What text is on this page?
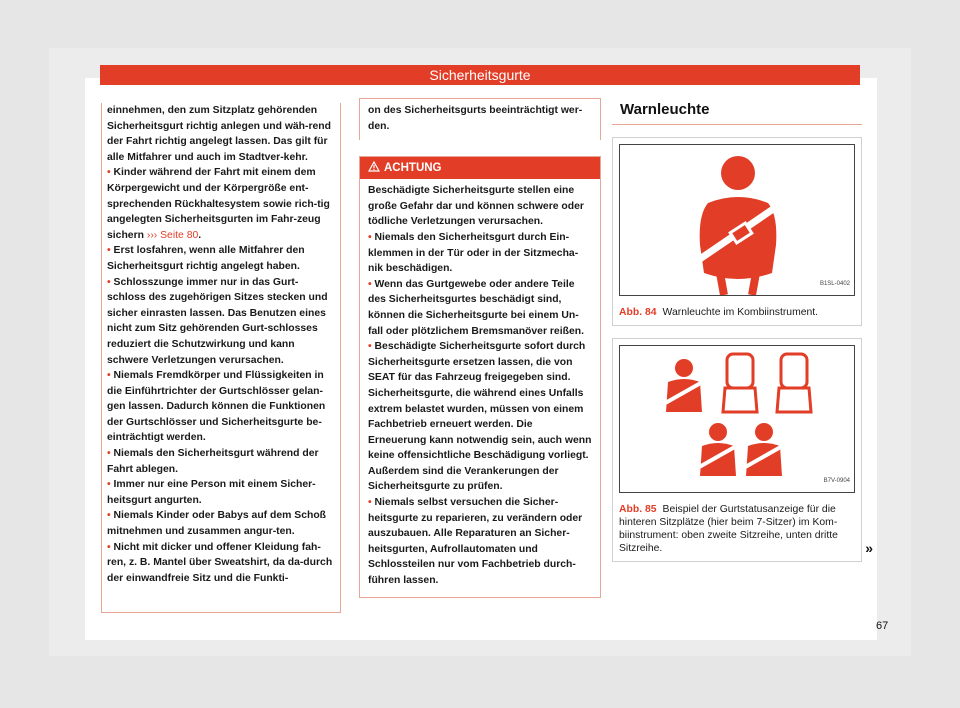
Sicherheitsgurte

einnehmen, den zum Sitzplatz gehörenden Sicherheitsgurt richtig anlegen und wäh-rend der Fahrt richtig angelegt lassen. Das gilt für alle Mitfahrer und auch im Stadtver-kehr.

• Kinder während der Fahrt mit einem dem Körpergewicht und der Körpergröße ent-sprechenden Rückhaltesystem sowie rich-tig angelegten Sicherheitsgurten im Fahr-zeug sichern ››› Seite 80.

• Erst losfahren, wenn alle Mitfahrer den Sicherheitsgurt richtig angelegt haben.

• Schlosszunge immer nur in das Gurt-schloss des zugehörigen Sitzes stecken und sicher einrasten lassen. Das Benutzen eines nicht zum Sitz gehörenden Gurt-schlosses reduziert die Schutzwirkung und kann schwere Verletzungen verursachen.

• Niemals Fremdkörper und Flüssigkeiten in die Einführtrichter der Gurtschlösser gelan-gen lassen. Dadurch können die Funktionen der Gurtschlösser und Sicherheitsgurte be-einträchtigt werden.

• Niemals den Sicherheitsgurt während der Fahrt ablegen.

• Immer nur eine Person mit einem Sicher-heitsgurt angurten.

• Niemals Kinder oder Babys auf dem Schoß mitnehmen und zusammen angur-ten.

• Nicht mit dicker und offener Kleidung fah-ren, z. B. Mantel über Sweatshirt, da da-durch der einwandfreie Sitz und die Funkti-

on des Sicherheitsgurts beeinträchtigt wer-den.

ACHTUNG

Beschädigte Sicherheitsgurte stellen eine große Gefahr dar und können schwere oder tödliche Verletzungen verursachen.

• Niemals den Sicherheitsgurt durch Ein-klemmen in der Tür oder in der Sitzmecha-nik beschädigen.

• Wenn das Gurtgewebe oder andere Teile des Sicherheitsgurtes beschädigt sind, können die Sicherheitsgurte bei einem Un-fall oder plötzlichem Bremsmanöver reißen.

• Beschädigte Sicherheitsgurte sofort durch Sicherheitsgurte ersetzen lassen, die von SEAT für das Fahrzeug freigegeben sind. Sicherheitsgurte, die während eines Unfalls extrem belastet wurden, müssen von einem Fachbetrieb erneuert werden. Die Erneuerung kann notwendig sein, auch wenn keine offensichtliche Beschädigung vorliegt. Außerdem sind die Verankerungen der Sicherheitsgurte zu prüfen.

• Niemals selbst versuchen die Sicher-heitsgurte zu reparieren, zu verändern oder auszubauen. Alle Reparaturen an Sicher-heitsgurten, Aufrollautomaten und Schlossteilen nur vom Fachbetrieb durch-führen lassen.

Warnleuchte
B1SL-0402
Abb. 84 Warnleuchte im Kombiinstrument.
B7V-0904
Abb. 85 Beispiel der Gurtstatusanzeige für die hinteren Sitzplätze (hier beim 7-Sitzer) im Kom-biinstrument: oben zweite Sitzreihe, unten dritte Sitzreihe.	»
67
